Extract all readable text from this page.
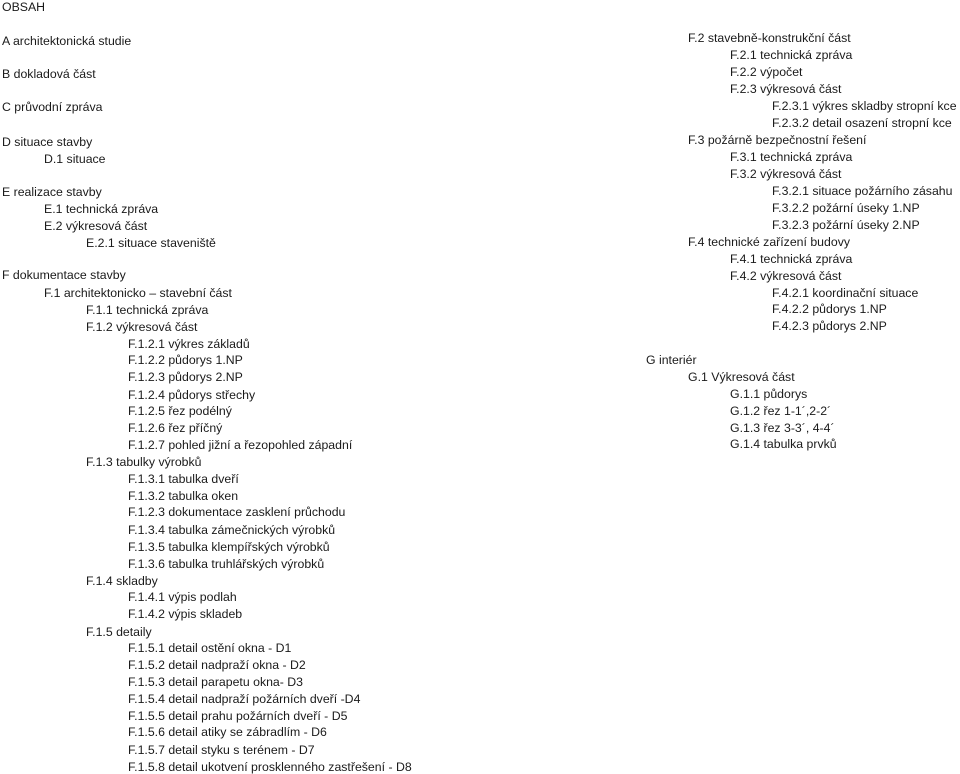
OBSAH
A architektonická studie
B dokladová část
C průvodní zpráva
D situace stavby
D.1 situace
E realizace stavby
E.1 technická zpráva
E.2 výkresová část
E.2.1 situace staveniště
F dokumentace stavby
F.1 architektonicko – stavební část
F.1.1 technická zpráva
F.1.2 výkresová část
F.1.2.1 výkres základů
F.1.2.2 půdorys 1.NP
F.1.2.3 půdorys 2.NP
F.1.2.4 půdorys střechy
F.1.2.5 řez podélný
F.1.2.6 řez příčný
F.1.2.7 pohled jižní a řezopohled západní
F.1.3 tabulky výrobků
F.1.3.1 tabulka dveří
F.1.3.2 tabulka oken
F.1.2.3 dokumentace zasklení průchodu
F.1.3.4 tabulka zámečnických výrobků
F.1.3.5 tabulka klempířských výrobků
F.1.3.6 tabulka truhlářských výrobků
F.1.4 skladby
F.1.4.1 výpis podlah
F.1.4.2 výpis skladeb
F.1.5 detaily
F.1.5.1 detail ostění okna - D1
F.1.5.2 detail nadpraží okna - D2
F.1.5.3 detail parapetu okna- D3
F.1.5.4 detail nadpraží požárních dveří -D4
F.1.5.5 detail prahu požárních dveří - D5
F.1.5.6 detail atiky se zábradlím - D6
F.1.5.7 detail styku s terénem - D7
F.1.5.8 detail ukotvení prosklenného zastřešení - D8
F.2 stavebně-konstrukční část
F.2.1 technická zpráva
F.2.2 výpočet
F.2.3 výkresová část
F.2.3.1 výkres skladby stropní kce
F.2.3.2 detail osazení stropní kce
F.3 požárně bezpečnostní řešení
F.3.1 technická zpráva
F.3.2 výkresová část
F.3.2.1 situace požárního zásahu
F.3.2.2 požární úseky 1.NP
F.3.2.3 požární úseky 2.NP
F.4 technické zařízení budovy
F.4.1 technická zpráva
F.4.2 výkresová část
F.4.2.1 koordinační situace
F.4.2.2 půdorys 1.NP
F.4.2.3 půdorys 2.NP
G interiér
G.1 Výkresová část
G.1.1 půdorys
G.1.2 řez 1-1´,2-2´
G.1.3 řez 3-3´, 4-4´
G.1.4 tabulka prvků
